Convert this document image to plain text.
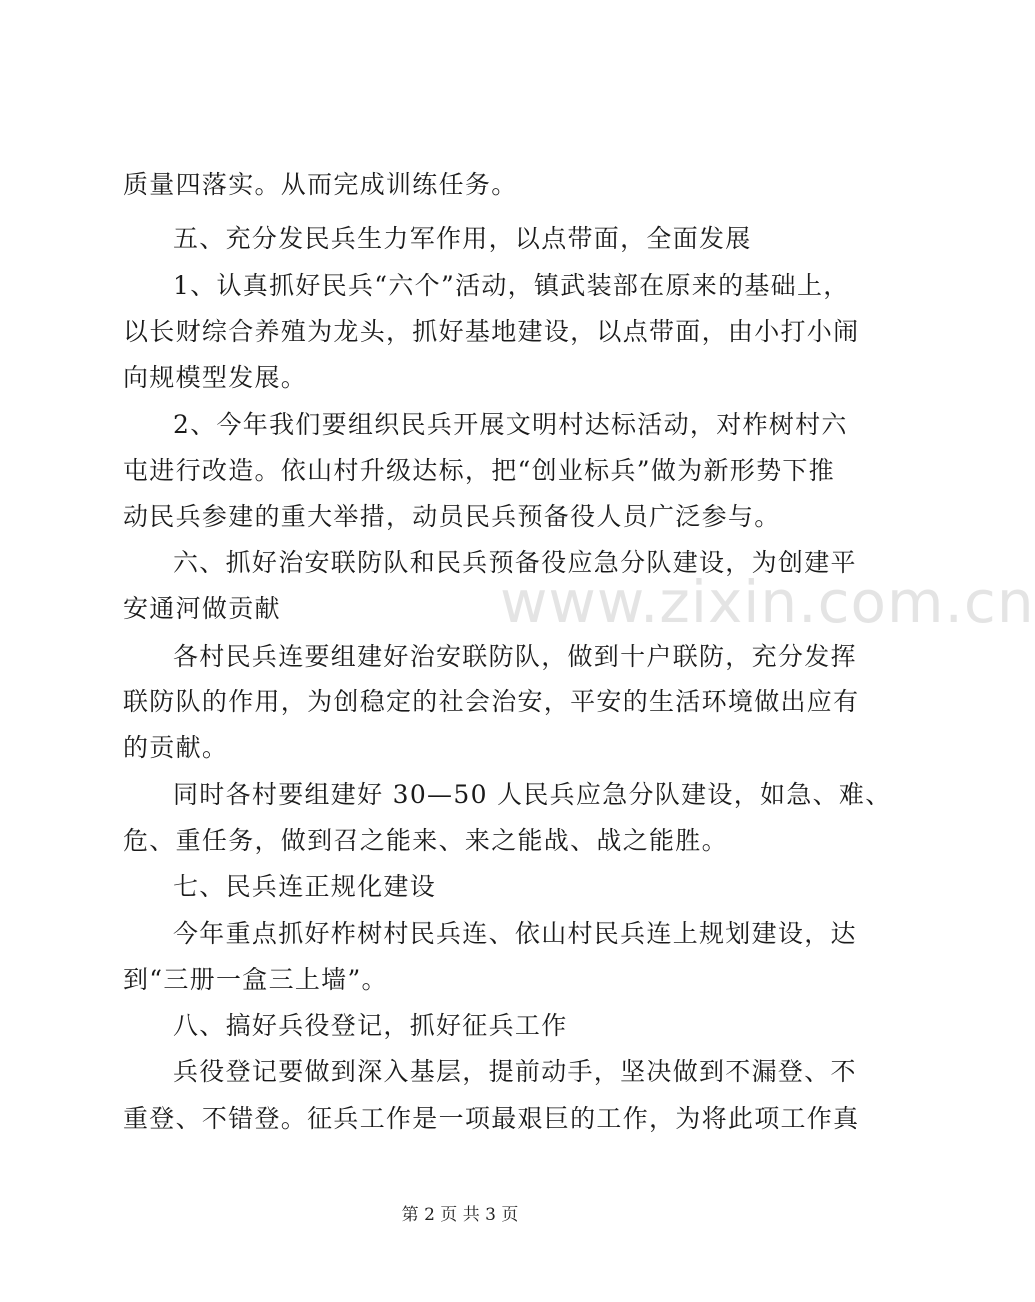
www.zixin.com.cn
质量四落实。从而完成训练任务。
五、充分发民兵生力军作用，以点带面，全面发展
1、认真抓好民兵“六个”活动，镇武装部在原来的基础上，
以长财综合养殖为龙头，抓好基地建设，以点带面，由小打小闹
向规模型发展。
2、今年我们要组织民兵开展文明村达标活动，对柞树村六
屯进行改造。依山村升级达标，把“创业标兵”做为新形势下推
动民兵参建的重大举措，动员民兵预备役人员广泛参与。
六、抓好治安联防队和民兵预备役应急分队建设，为创建平
安通河做贡献
各村民兵连要组建好治安联防队，做到十户联防，充分发挥
联防队的作用，为创稳定的社会治安，平安的生活环境做出应有
的贡献。
同时各村要组建好 30—50 人民兵应急分队建设，如急、难、
危、重任务，做到召之能来、来之能战、战之能胜。
七、民兵连正规化建设
今年重点抓好柞树村民兵连、依山村民兵连上规划建设，达
到“三册一盒三上墙”。
八、搞好兵役登记，抓好征兵工作
兵役登记要做到深入基层，提前动手，坚决做到不漏登、不
重登、不错登。征兵工作是一项最艰巨的工作，为将此项工作真
第 2 页 共 3 页
